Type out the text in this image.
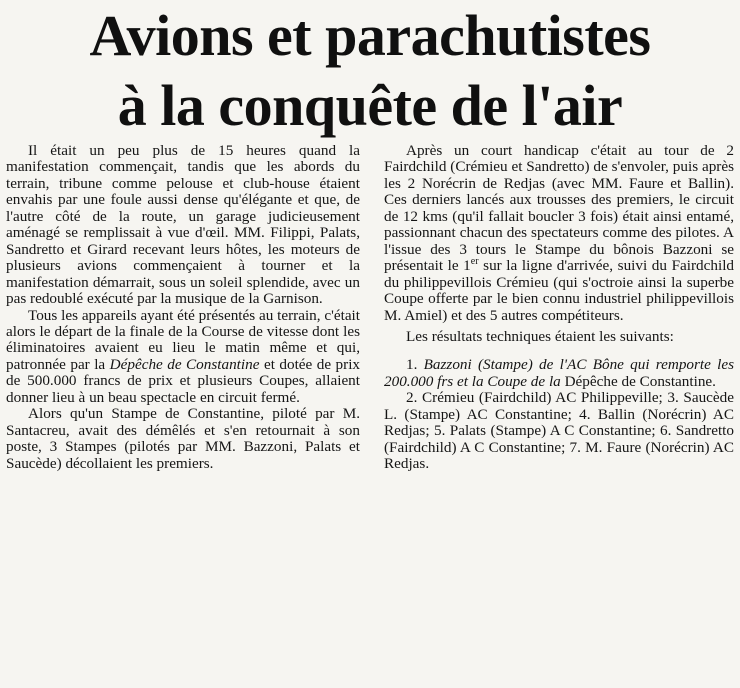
Avions et parachutistes
à la conquête de l'air

Il était un peu plus de 15 heures quand la manifestation commençait, tandis que les abords du terrain, tribune comme pelouse et club-house étaient envahis par une foule aussi dense qu'élégante et que, de l'autre côté de la route, un garage judicieusement aménagé se remplissait à vue d'œil. MM. Filippi, Palats, Sandretto et Girard recevant leurs hôtes, les moteurs de plusieurs avions commençaient à tourner et la manifestation démarrait, sous un soleil splendide, avec un pas redoublé exécuté par la musique de la Garnison.

Tous les appareils ayant été présentés au terrain, c'était alors le départ de la finale de la Course de vitesse dont les éliminatoires avaient eu lieu le matin même et qui, patronnée par la Dépêche de Constantine et dotée de prix de 500.000 francs de prix et plusieurs Coupes, allaient donner lieu à un beau spectacle en circuit fermé.

Alors qu'un Stampe de Constantine, piloté par M. Santacreu, avait des démêlés et s'en retournait à son poste, 3 Stampes (pilotés par MM. Bazzoni, Palats et Saucède) décollaient les premiers.

Après un court handicap c'était au tour de 2 Fairdchild (Crémieu et Sandretto) de s'envoler, puis après les 2 Norécrin de Redjas (avec MM. Faure et Ballin). Ces derniers lancés aux trousses des premiers, le circuit de 12 kms (qu'il fallait boucler 3 fois) était ainsi entamé, passionnant chacun des spectateurs comme des pilotes. A l'issue des 3 tours le Stampe du bônois Bazzoni se présentait le 1er sur la ligne d'arrivée, suivi du Fairdchild du philippevillois Crémieu (qui s'octroie ainsi la superbe Coupe offerte par le bien connu industriel philippevillois M. Amiel) et des 5 autres compétiteurs.

Les résultats techniques étaient les suivants:

1. Bazzoni (Stampe) de l'AC Bône qui remporte les 200.000 frs et la Coupe de la Dépêche de Constantine.

2. Crémieu (Fairdchild) AC Philippeville; 3. Saucède L. (Stampe) AC Constantine; 4. Ballin (Norécrin) AC Redjas; 5. Palats (Stampe) A C Constantine; 6. Sandretto (Fairdchild) A C Constantine; 7. M. Faure (Norécrin) AC Redjas.
